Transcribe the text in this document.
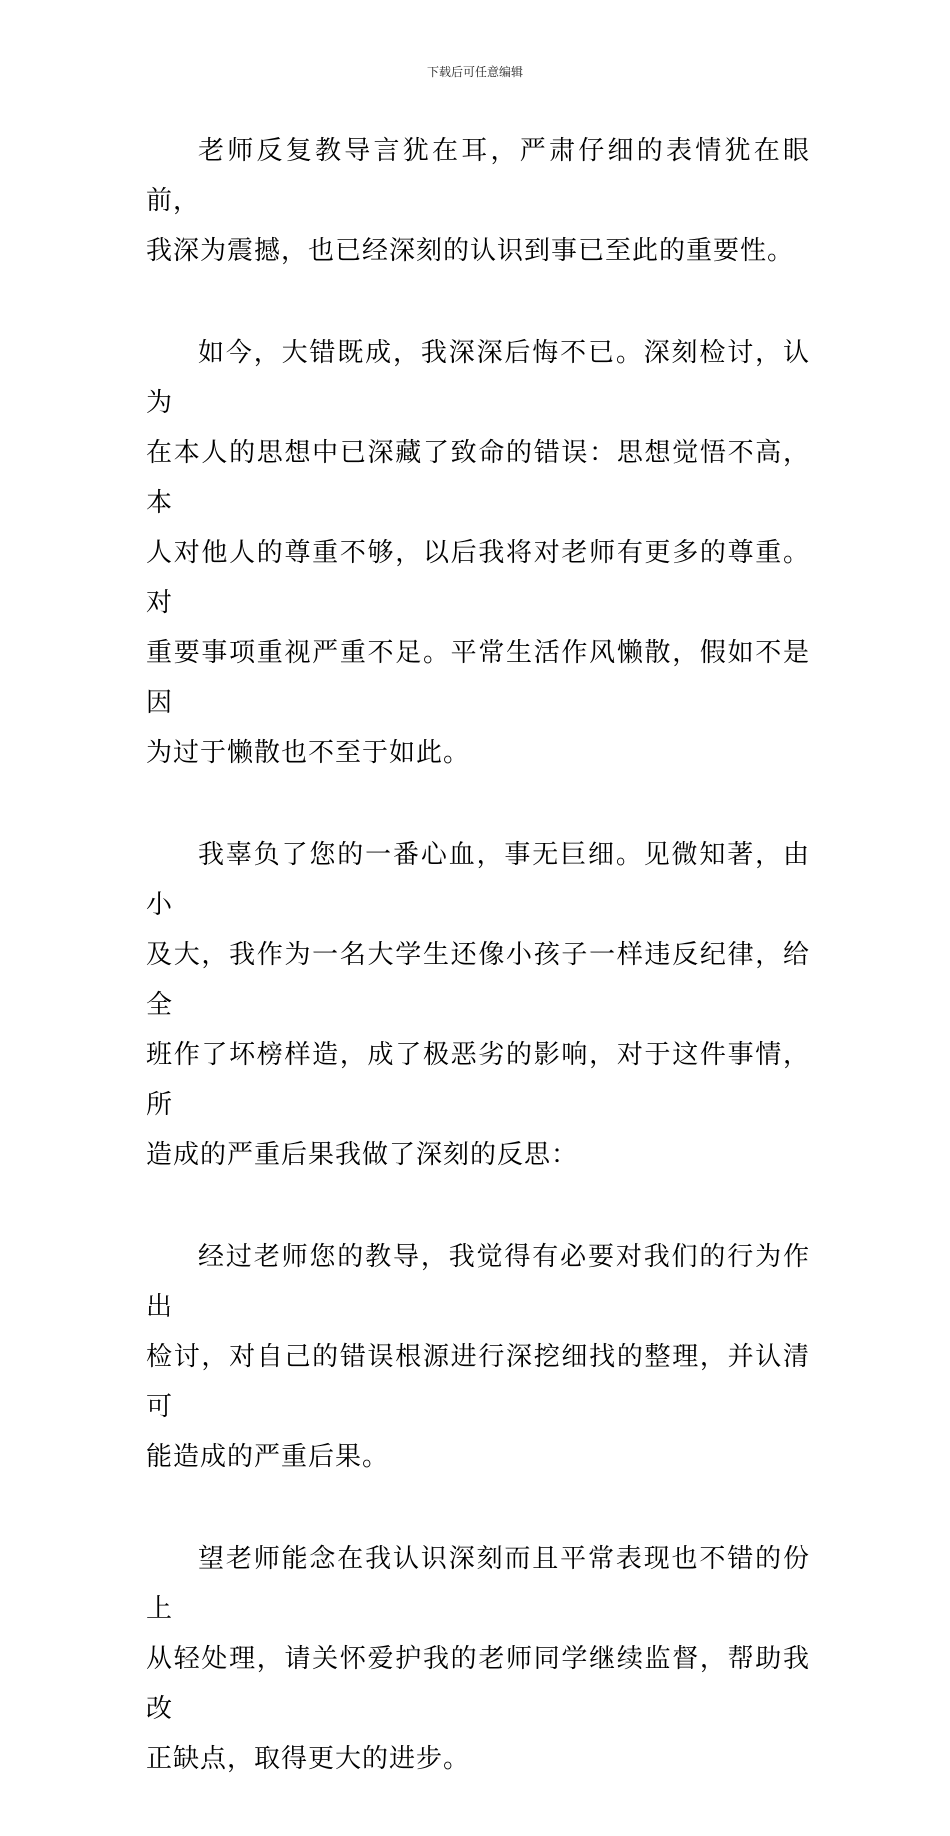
下载后可任意编辑

老师反复教导言犹在耳，严肃仔细的表情犹在眼前，
我深为震撼，也已经深刻的认识到事已至此的重要性。

如今，大错既成，我深深后悔不已。深刻检讨，认为
在本人的思想中已深藏了致命的错误：思想觉悟不高，本
人对他人的尊重不够，以后我将对老师有更多的尊重。对
重要事项重视严重不足。平常生活作风懒散，假如不是因
为过于懒散也不至于如此。

我辜负了您的一番心血，事无巨细。见微知著，由小
及大，我作为一名大学生还像小孩子一样违反纪律，给全
班作了坏榜样造，成了极恶劣的影响，对于这件事情，所
造成的严重后果我做了深刻的反思：

经过老师您的教导，我觉得有必要对我们的行为作出
检讨，对自己的错误根源进行深挖细找的整理，并认清可
能造成的严重后果。

望老师能念在我认识深刻而且平常表现也不错的份上
从轻处理，请关怀爱护我的老师同学继续监督，帮助我改
正缺点，取得更大的进步。
